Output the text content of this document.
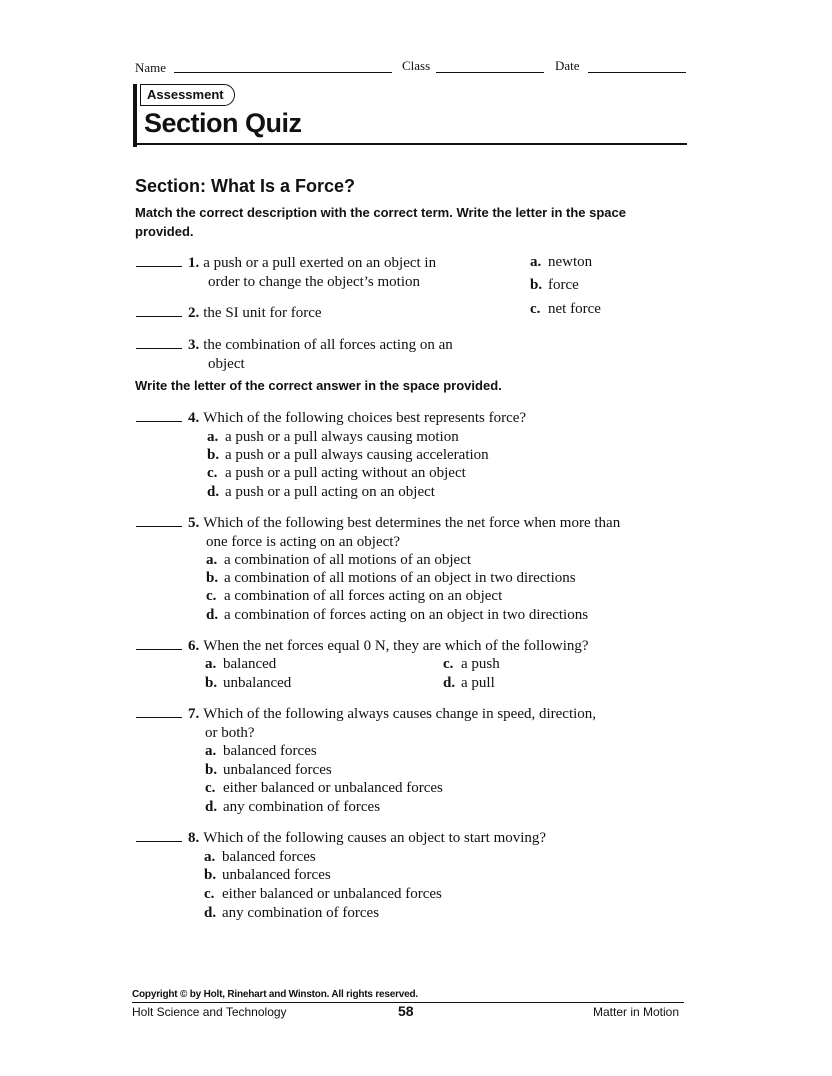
Name	Class	Date
Assessment
Section Quiz
Section: What Is a Force?
Match the correct description with the correct term. Write the letter in the space provided.
1. a push or a pull exerted on an object in
order to change the object’s motion
2. the SI unit for force
3. the combination of all forces acting on an
object
a. newton
b. force
c. net force
Write the letter of the correct answer in the space provided.
4. Which of the following choices best represents force?
a. a push or a pull always causing motion
b. a push or a pull always causing acceleration
c. a push or a pull acting without an object
d. a push or a pull acting on an object
5. Which of the following best determines the net force when more than
one force is acting on an object?
a. a combination of all motions of an object
b. a combination of all motions of an object in two directions
c. a combination of all forces acting on an object
d. a combination of forces acting on an object in two directions
6. When the net forces equal 0 N, they are which of the following?
a. balanced
b. unbalanced
c. a push
d. a pull
7. Which of the following always causes change in speed, direction,
or both?
a. balanced forces
b. unbalanced forces
c. either balanced or unbalanced forces
d. any combination of forces
8. Which of the following causes an object to start moving?
a. balanced forces
b. unbalanced forces
c. either balanced or unbalanced forces
d. any combination of forces
Copyright © by Holt, Rinehart and Winston. All rights reserved.
Holt Science and Technology	58	Matter in Motion
